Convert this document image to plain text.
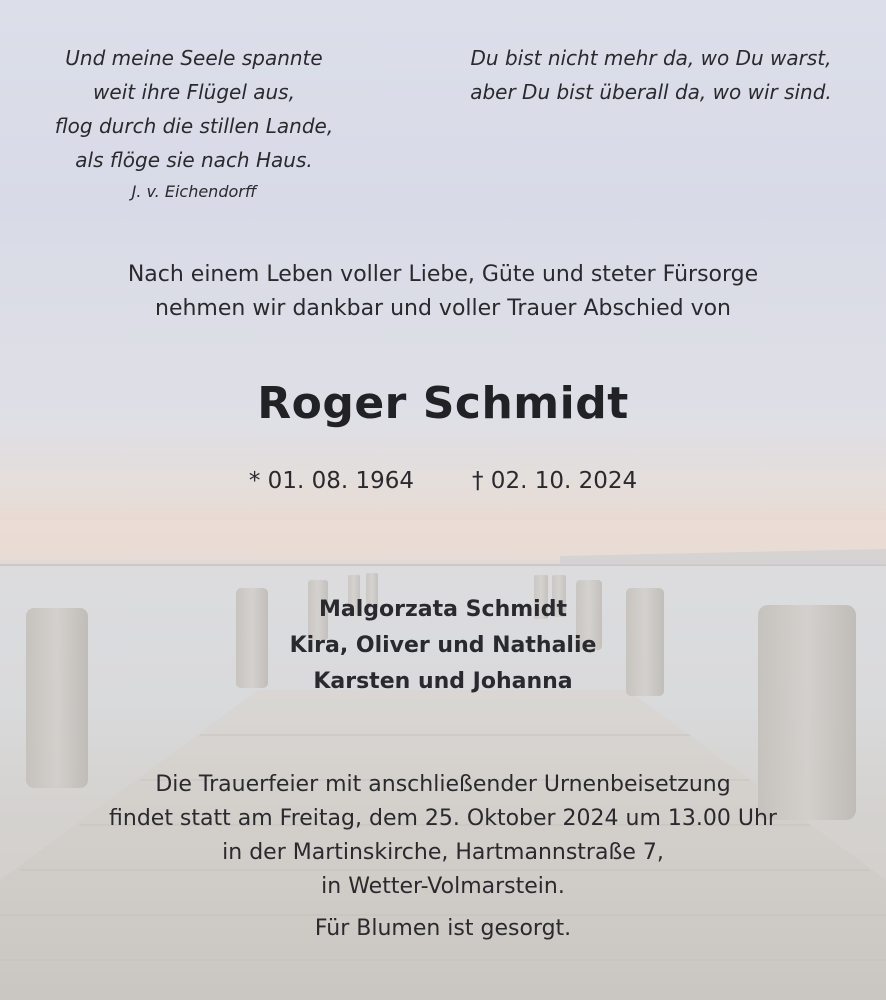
Und meine Seele spannte
weit ihre Flügel aus,
flog durch die stillen Lande,
als flöge sie nach Haus.
J. v. Eichendorff
Du bist nicht mehr da, wo Du warst,
aber Du bist überall da, wo wir sind.
Nach einem Leben voller Liebe, Güte und steter Fürsorge
nehmen wir dankbar und voller Trauer Abschied von
Roger Schmidt
* 01. 08. 1964	† 02. 10. 2024
Malgorzata Schmidt
Kira, Oliver und Nathalie
Karsten und Johanna
Die Trauerfeier mit anschließender Urnenbeisetzung
findet statt am Freitag, dem 25. Oktober 2024 um 13.00 Uhr
in der Martinskirche, Hartmannstraße 7,
in Wetter-Volmarstein.
Für Blumen ist gesorgt.
